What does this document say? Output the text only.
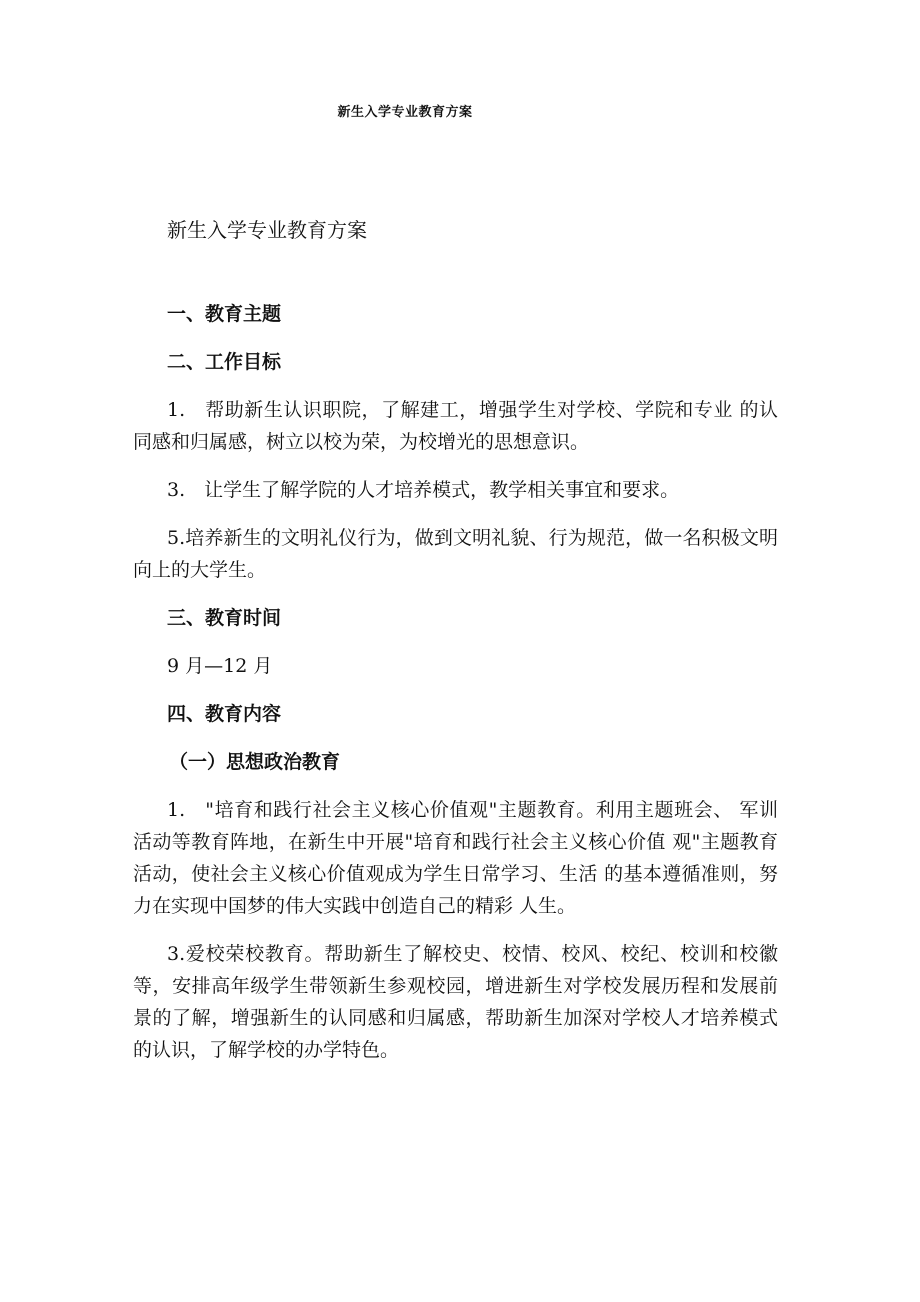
新生入学专业教育方案
新生入学专业教育方案
一、教育主题
二、工作目标

1.　帮助新生认识职院，了解建工，增强学生对学校、学院和专业 的认同感和归属感，树立以校为荣，为校增光的思想意识。

3.　让学生了解学院的人才培养模式，教学相关事宜和要求。

5.培养新生的文明礼仪行为，做到文明礼貌、行为规范，做一名积极文明向上的大学生。

三、教育时间

9 月—12 月

四、教育内容
（一）思想政治教育

1.　"培育和践行社会主义核心价值观"主题教育。利用主题班会、 军训活动等教育阵地，在新生中开展"培育和践行社会主义核心价值 观"主题教育活动，使社会主义核心价值观成为学生日常学习、生活 的基本遵循准则，努力在实现中国梦的伟大实践中创造自己的精彩 人生。

3.爱校荣校教育。帮助新生了解校史、校情、校风、校纪、校训和校徽等，安排高年级学生带领新生参观校园，增进新生对学校发展历程和发展前景的了解，增强新生的认同感和归属感，帮助新生加深对学校人才培养模式的认识，了解学校的办学特色。
